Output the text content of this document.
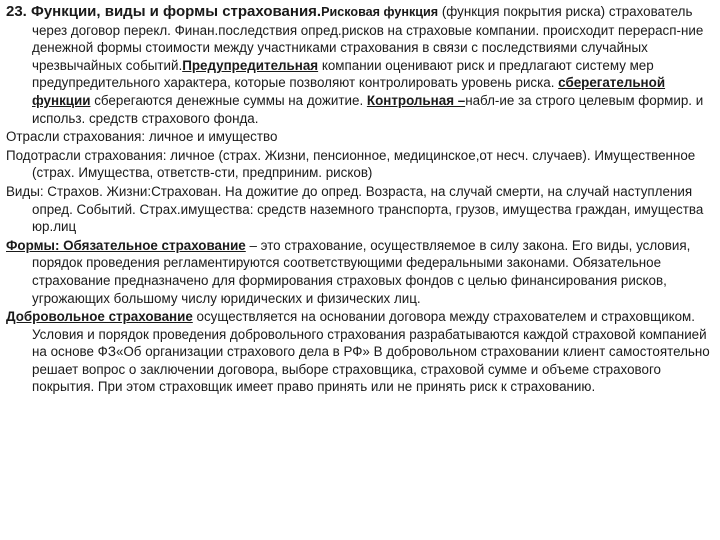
23. Функции, виды и формы страхования.Рисковая функция (функция покрытия риска) страхователь через договор перекл. Финан.последствия опред.рисков на страховые компании. происходит перерасп-ние денежной формы стоимости между участниками страхования в связи с последствиями случайных чрезвычайных событий.Предупредительная компании оценивают риск и предлагают систему мер предупредительного характера, которые позволяют контролировать уровень риска. сберегательной функции сберегаются денежные суммы на дожитие. Контрольная –набл-ие за строго целевым формир. и использ. средств страхового фонда.

Отрасли страхования: личное и имущество

Подотрасли страхования: личное (страх. Жизни, пенсионное, медицинское,от несч. случаев). Имущественное (страх. Имущества, ответств-сти, предприним. рисков)

Виды: Страхов. Жизни:Страхован. На дожитие до опред. Возраста, на случай смерти, на случай наступления опред. Событий. Страх.имущества: средств наземного транспорта, грузов, имущества граждан, имущества юр.лиц

Формы: Обязательное страхование – это страхование, осуществляемое в силу закона. Его виды, условия, порядок проведения регламентируются соответствующими федеральными законами. Обязательное страхование предназначено для формирования страховых фондов с целью финансирования рисков, угрожающих большому числу юридических и физических лиц.

Добровольное страхование осуществляется на основании договора между страхователем и страховщиком. Условия и порядок проведения добровольного страхования разрабатываются каждой страховой компанией на основе ФЗ«Об организации страхового дела в РФ» В добровольном страховании клиент самостоятельно решает вопрос о заключении договора, выборе страховщика, страховой сумме и объеме страхового покрытия. При этом страховщик имеет право принять или не принять риск к страхованию.
